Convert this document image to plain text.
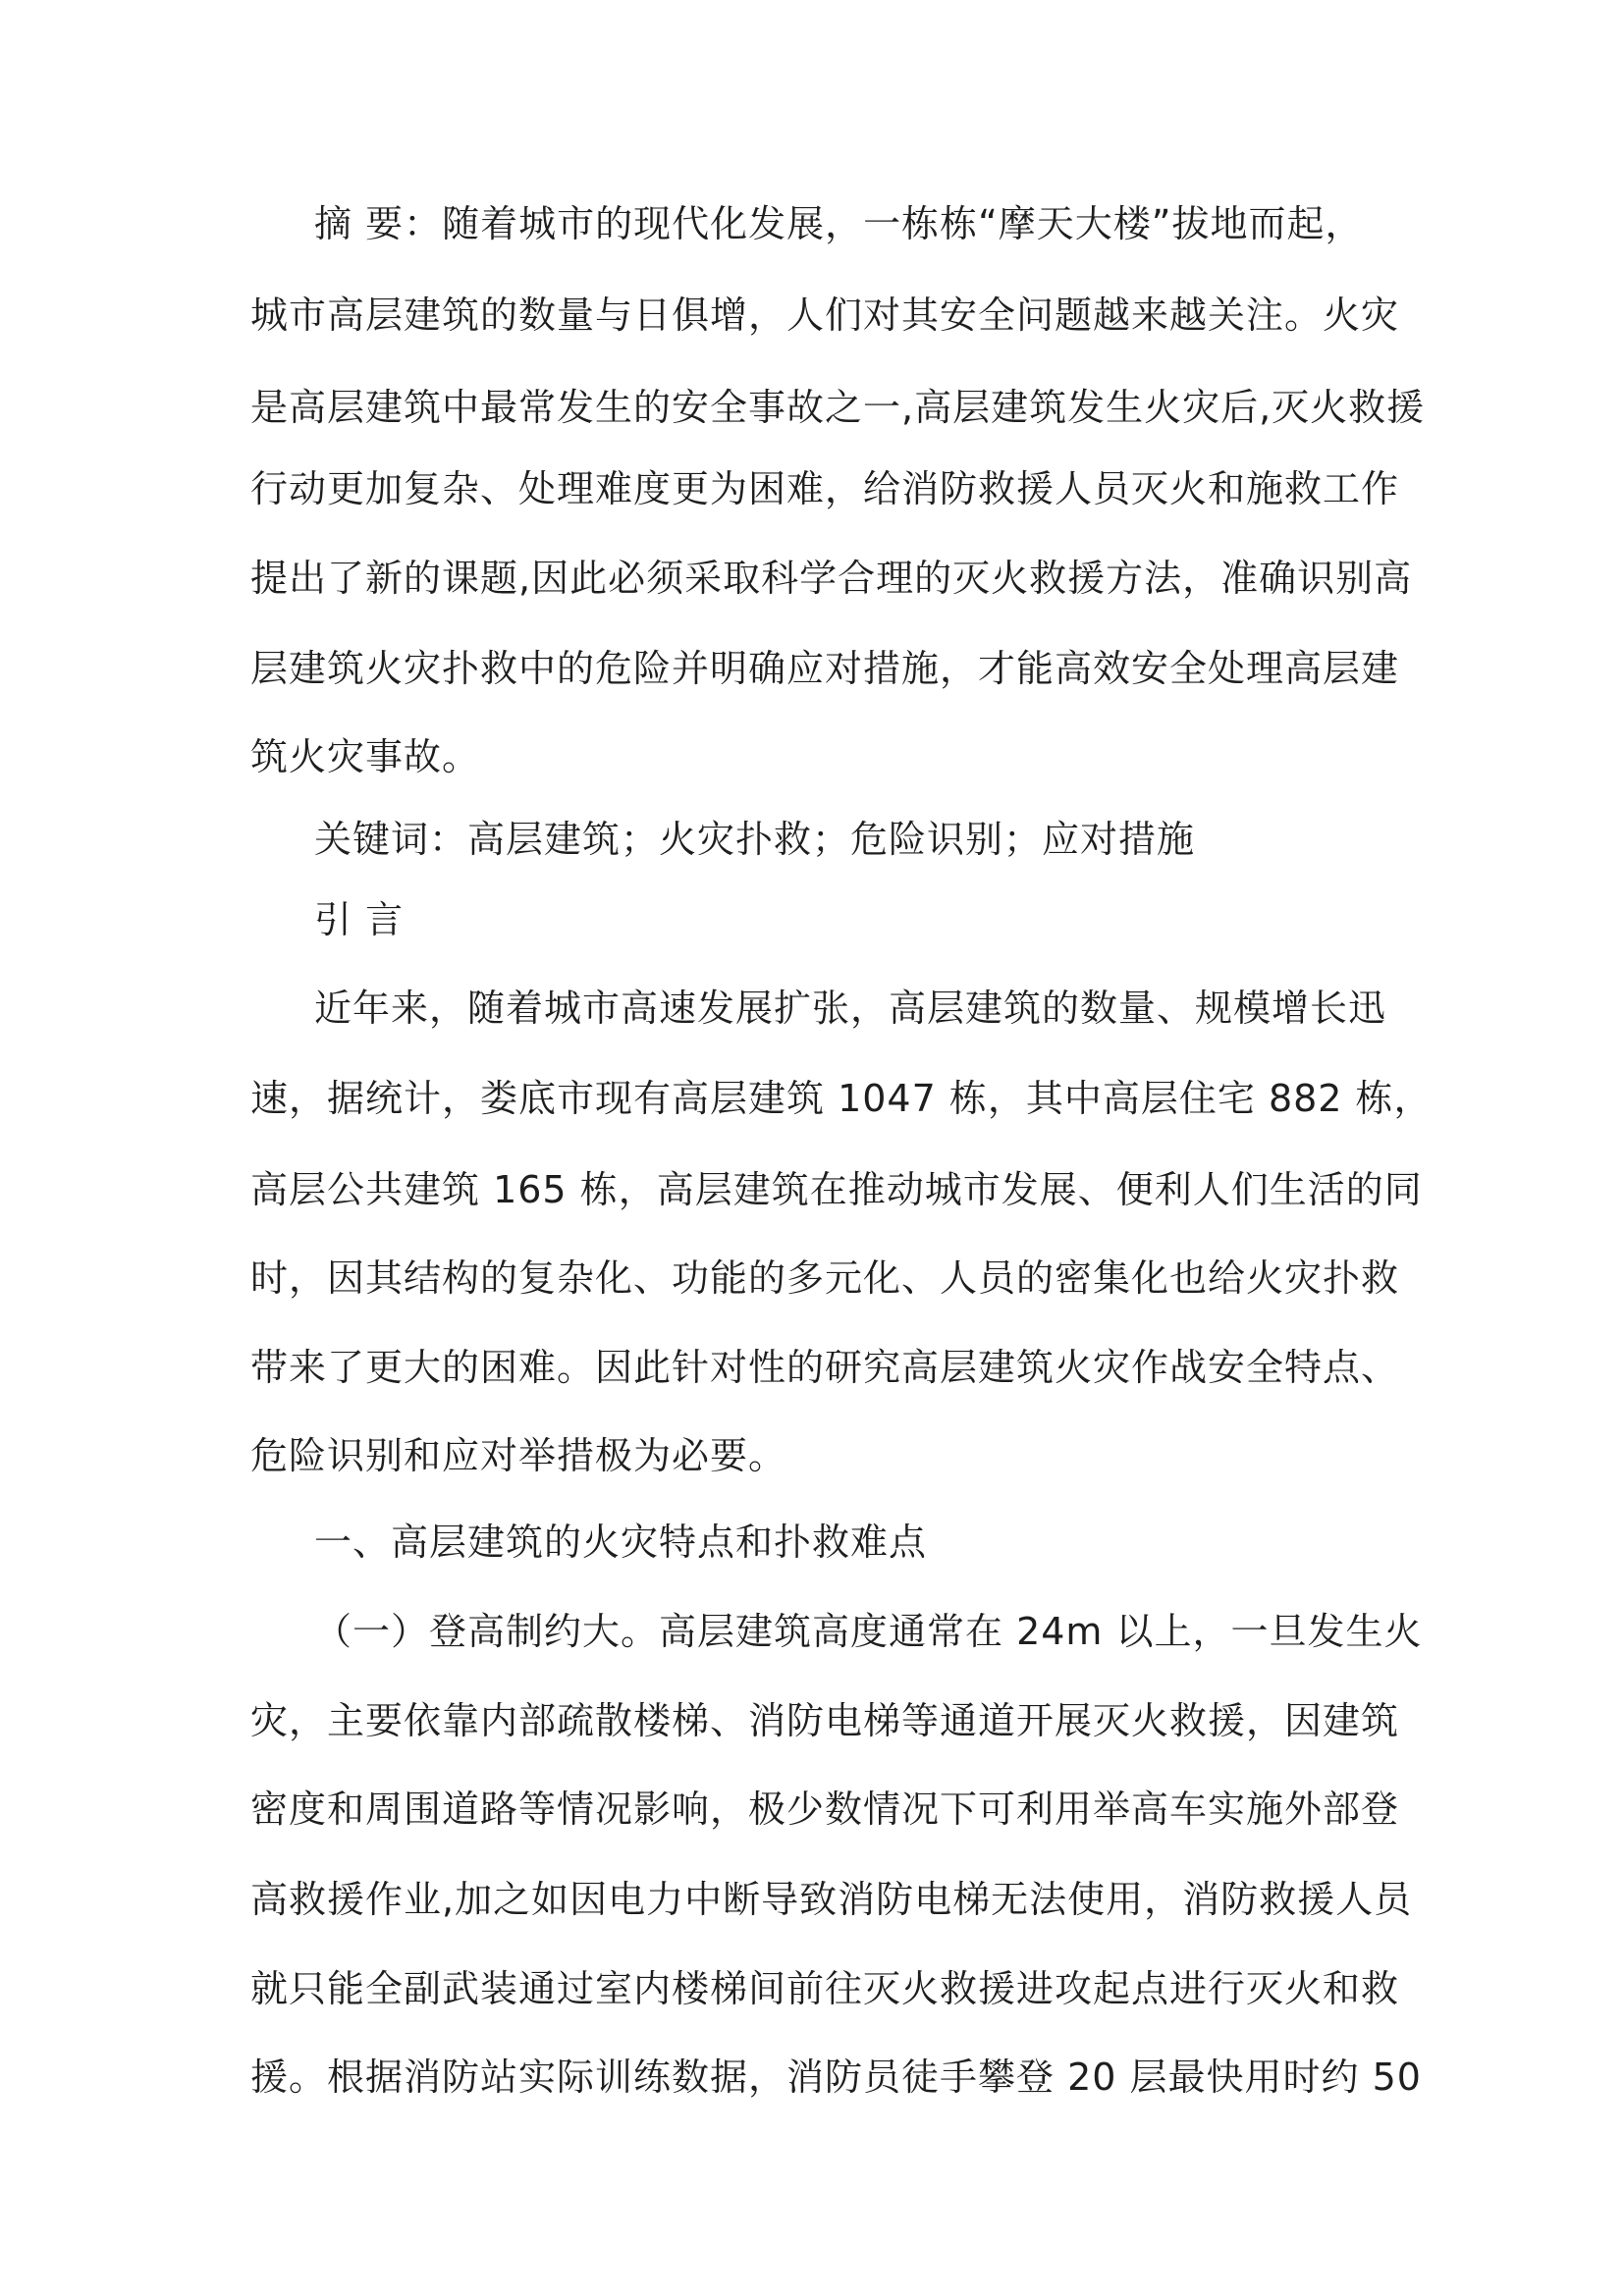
摘 要：随着城市的现代化发展，一栋栋“摩天大楼”拔地而起，
城市高层建筑的数量与日俱增，人们对其安全问题越来越关注。火灾
是高层建筑中最常发生的安全事故之一,高层建筑发生火灾后,灭火救援
行动更加复杂、处理难度更为困难，给消防救援人员灭火和施救工作
提出了新的课题,因此必须采取科学合理的灭火救援方法，准确识别高
层建筑火灾扑救中的危险并明确应对措施，才能高效安全处理高层建
筑火灾事故。
关键词：高层建筑；火灾扑救；危险识别；应对措施
引 言
近年来，随着城市高速发展扩张，高层建筑的数量、规模增长迅
速，据统计，娄底市现有高层建筑 1047 栋，其中高层住宅 882 栋，
高层公共建筑 165 栋，高层建筑在推动城市发展、便利人们生活的同
时，因其结构的复杂化、功能的多元化、人员的密集化也给火灾扑救
带来了更大的困难。因此针对性的研究高层建筑火灾作战安全特点、
危险识别和应对举措极为必要。
一、高层建筑的火灾特点和扑救难点
（一）登高制约大。高层建筑高度通常在 24m 以上，一旦发生火
灾，主要依靠内部疏散楼梯、消防电梯等通道开展灭火救援，因建筑
密度和周围道路等情况影响，极少数情况下可利用举高车实施外部登
高救援作业,加之如因电力中断导致消防电梯无法使用，消防救援人员
就只能全副武装通过室内楼梯间前往灭火救援进攻起点进行灭火和救
援。根据消防站实际训练数据，消防员徒手攀登 20 层最快用时约 50
